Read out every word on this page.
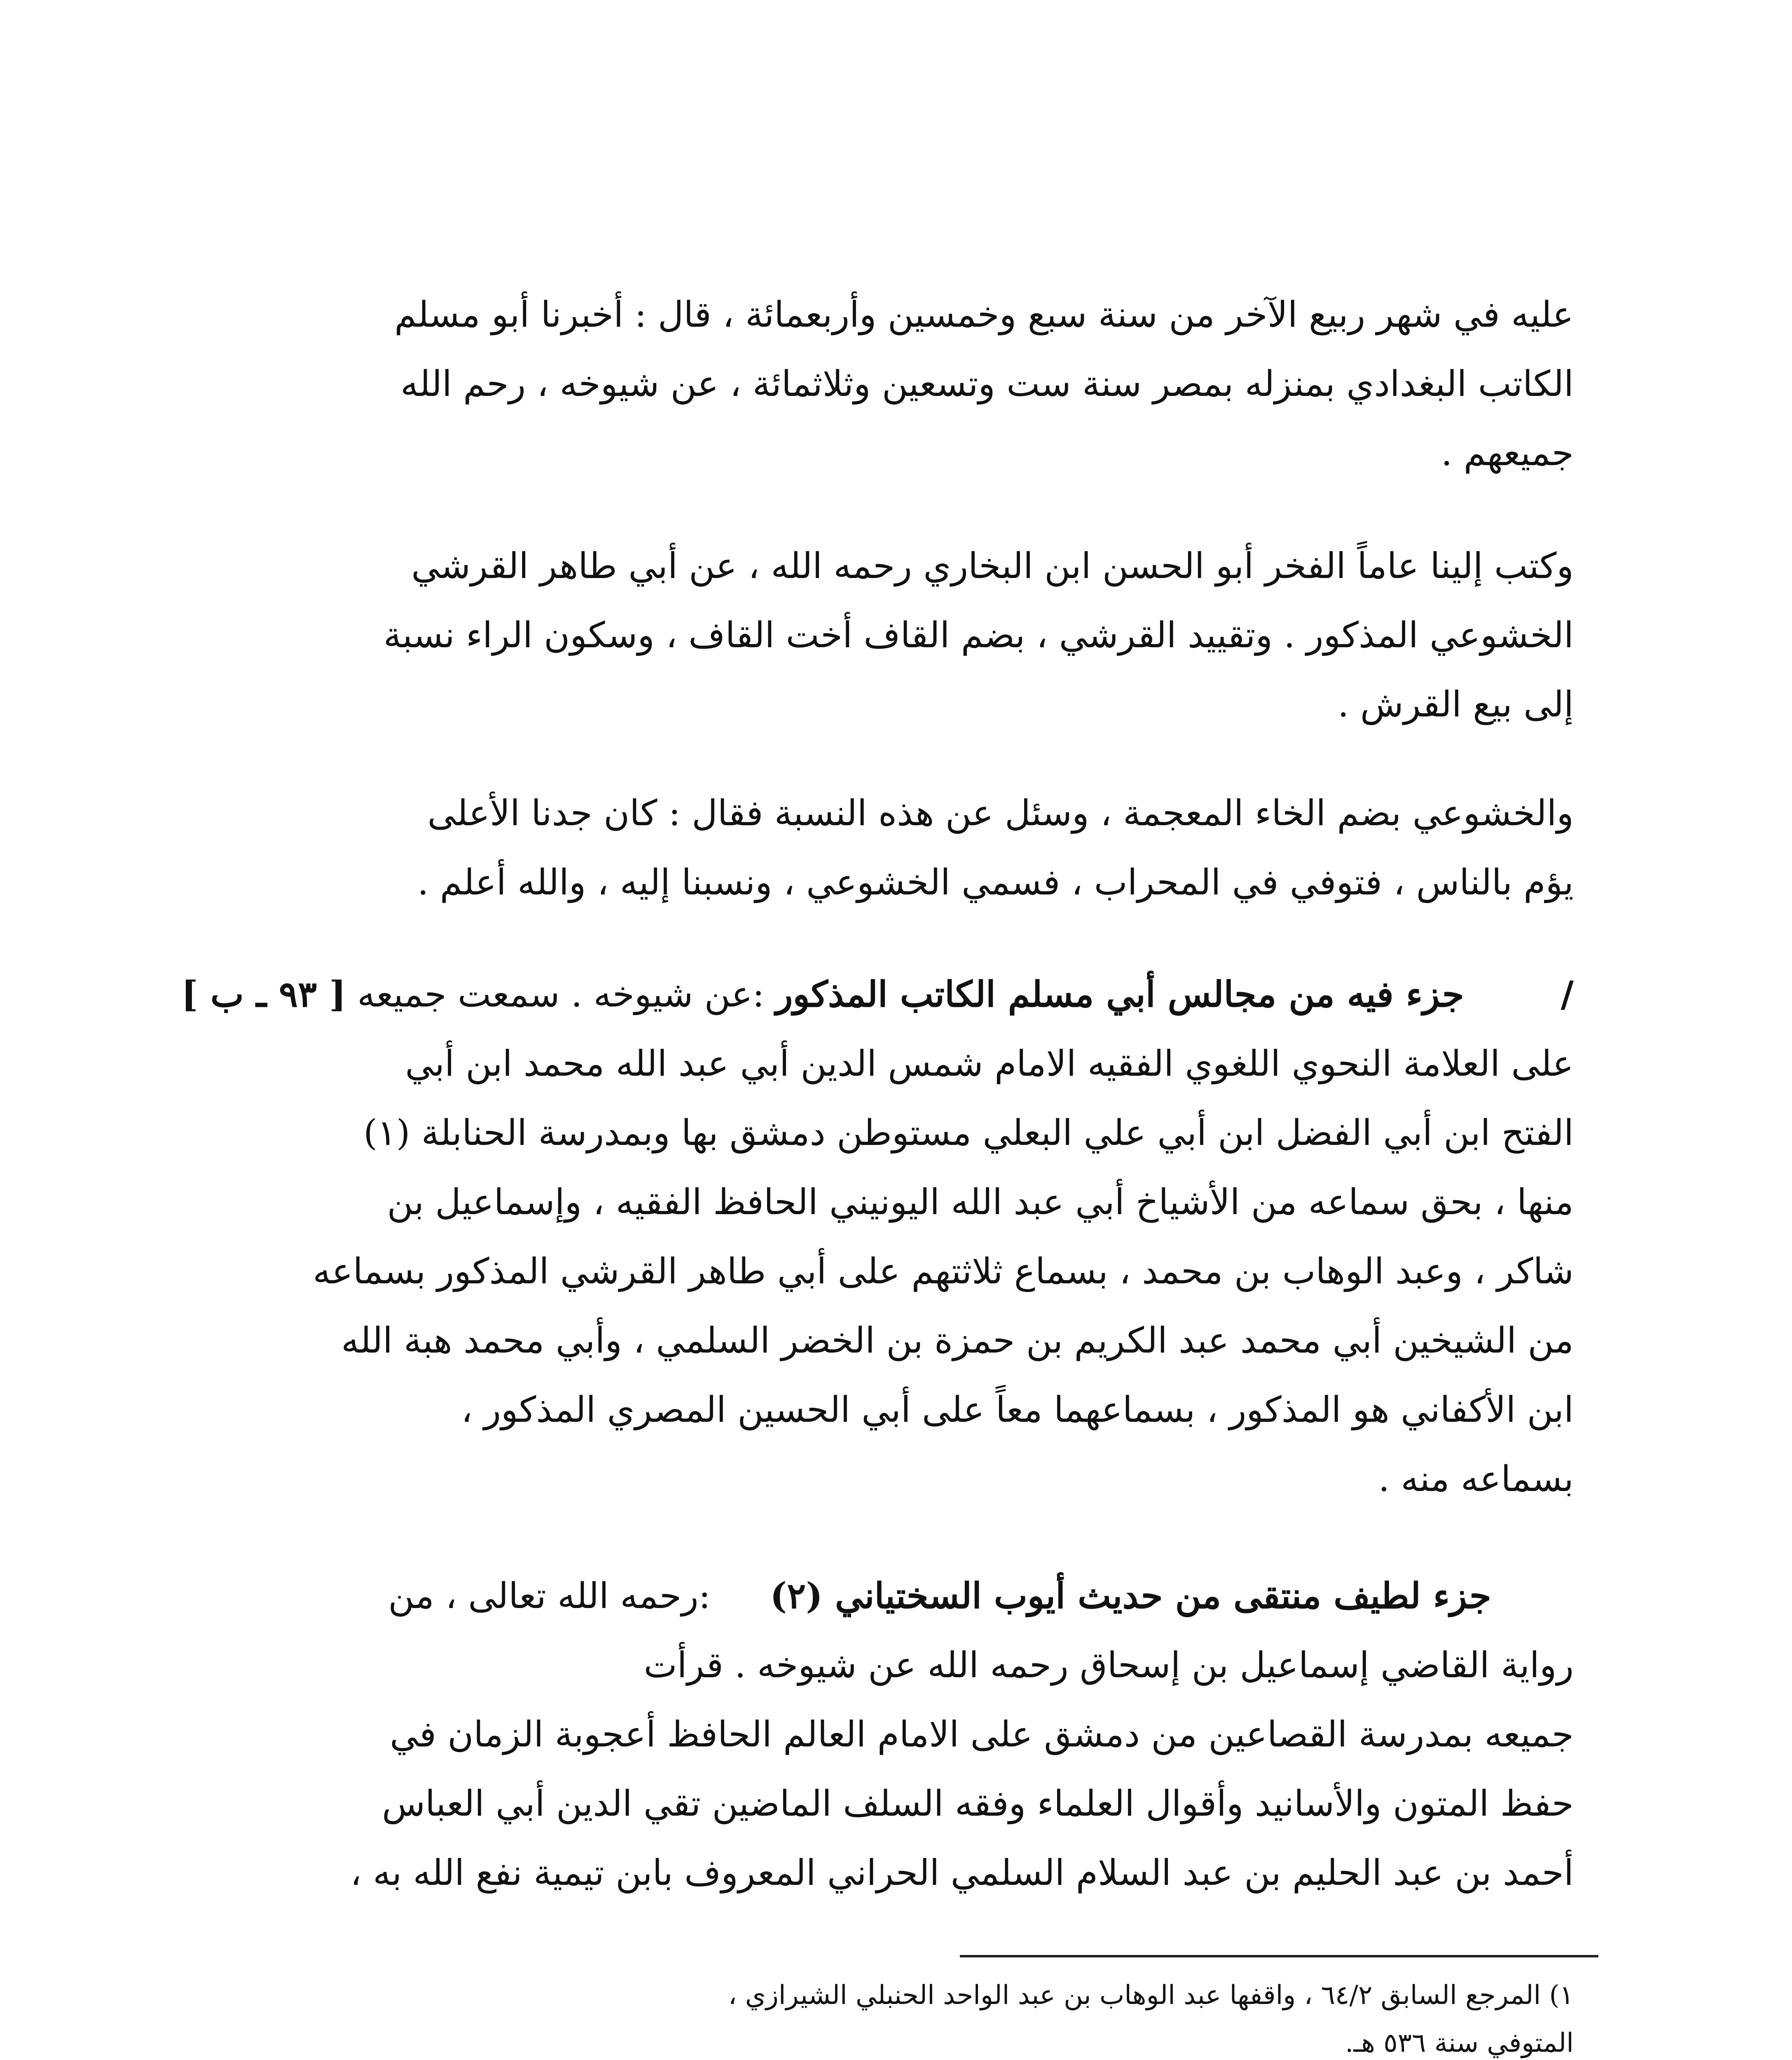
عليه في شهر ربيع الآخر من سنة سبع وخمسين وأربعمائة ، قال : أخبرنا أبو مسلم
الكاتب البغدادي بمنزله بمصر سنة ست وتسعين وثلاثمائة ، عن شيوخه ، رحم الله
جميعهم .
وكتب إلينا عاماً الفخر أبو الحسن ابن البخاري رحمه الله ، عن أبي طاهر القرشي
الخشوعي المذكور . وتقييد القرشي ، بضم القاف أخت القاف ، وسكون الراء نسبة
إلى بيع القرش .
والخشوعي بضم الخاء المعجمة ، وسئل عن هذه النسبة فقال : كان جدنا الأعلى
يؤم بالناس ، فتوفي في المحراب ، فسمي الخشوعي ، ونسبنا إليه ، والله أعلم .
/  جزء فيه من مجالس أبي مسلم الكاتب المذكور :عن شيوخه . سمعت جميعه [ ٩٣ ـ ب ]
على العلامة النحوي اللغوي الفقيه الامام شمس الدين أبي عبد الله محمد ابن أبي
الفتح ابن أبي الفضل ابن أبي علي البعلي مستوطن دمشق بها وبمدرسة الحنابلة (١)
منها ، بحق سماعه من الأشياخ أبي عبد الله اليونيني الحافظ الفقيه ، وإسماعيل بن
شاكر ، وعبد الوهاب بن محمد ، بسماع ثلاثتهم على أبي طاهر القرشي المذكور بسماعه
من الشيخين أبي محمد عبد الكريم بن حمزة بن الخضر السلمي ، وأبي محمد هبة الله
ابن الأكفاني هو المذكور ، بسماعهما معاً على أبي الحسين المصري المذكور ،
بسماعه منه .
جزء لطيف منتقى من حديث أيوب السختياني (٢)  :رحمه الله تعالى ، من
رواية القاضي إسماعيل بن إسحاق رحمه الله عن شيوخه . قرأت
جميعه بمدرسة القصاعين من دمشق على الامام العالم الحافظ أعجوبة الزمان في
حفظ المتون والأسانيد وأقوال العلماء وفقه السلف الماضين تقي الدين أبي العباس
أحمد بن عبد الحليم بن عبد السلام السلمي الحراني المعروف بابن تيمية نفع الله به ،
١) المرجع السابق ٦٤/٢ ، واقفها عبد الوهاب بن عبد الواحد الحنبلي الشيرازي ،
المتوفي سنة ٥٣٦ هـ.
